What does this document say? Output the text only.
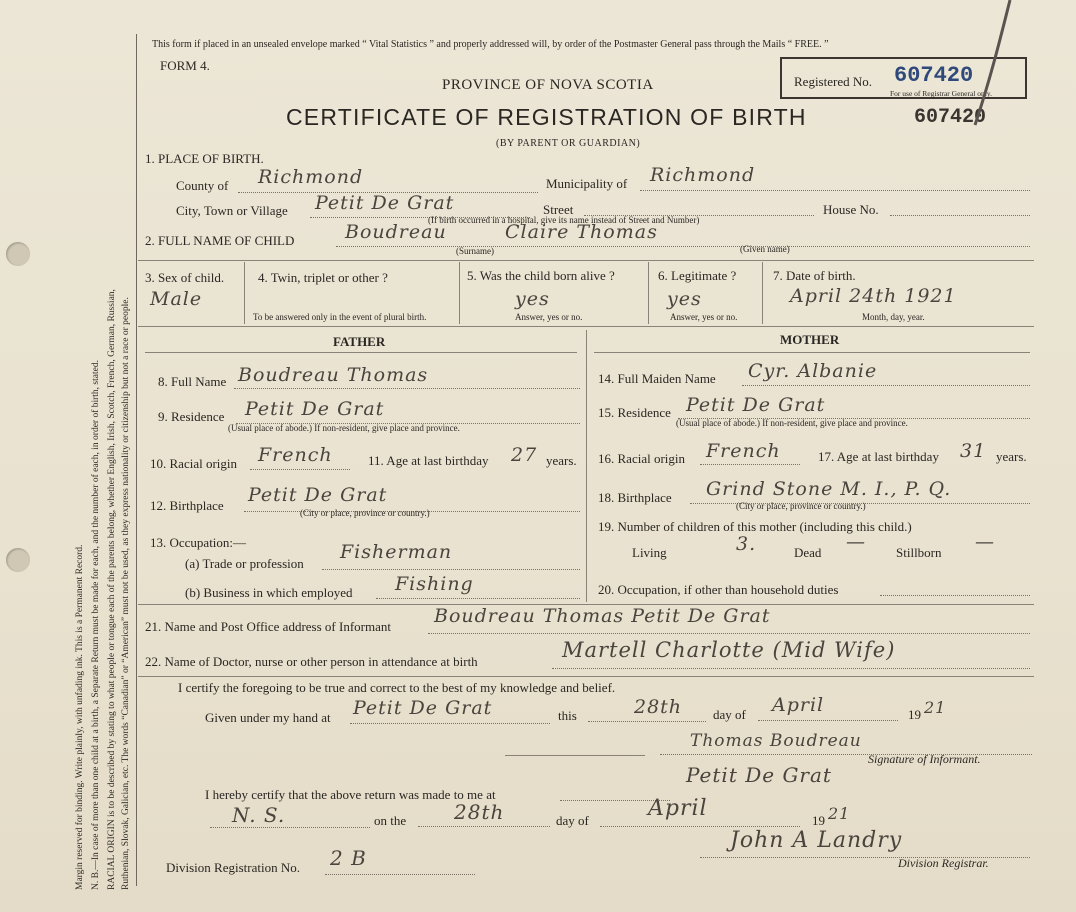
Margin reserved for binding. Write plainly, with unfading ink. This is a Permanent Record. N. B.—In case of more than one child at a birth, a Separate Return must be made for each, and the number of each, in order of birth, stated. RACIAL ORIGIN is to be described by stating to what people or tongue each of the parents belong, whether English, Irish, Scotch, French, German, Russian, Ruthenian, Slovak, Galician, etc. The words “Canadian” or “American” must not be used, as they express nationality or citizenship but not a race or people.
This form if placed in an unsealed envelope marked “ Vital Statistics ” and properly addressed will, by order of the Postmaster General pass through the Mails “ FREE. ”
FORM 4.
PROVINCE OF NOVA SCOTIA
CERTIFICATE OF REGISTRATION OF BIRTH
(BY PARENT OR GUARDIAN)
Registered No. 607420
For use of Registrar General only.
607420
1. PLACE OF BIRTH.
County of Richmond	Municipality of Richmond
City, Town or Village Petit De Grat	Street	House No.
(If birth occurred in a hospital, give its name instead of Street and Number)
2. FULL NAME OF CHILD	Boudreau	Claire Thomas
(Surname)	(Given name)
3. Sex of child.
Male
4. Twin, triplet or other ?
To be answered only in the event of plural birth.
5. Was the child born alive ?
yes
Answer, yes or no.
6. Legitimate ?
yes
Answer, yes or no.
7. Date of birth.
April 24th 1921
Month, day, year.
FATHER	MOTHER
8. Full Name Boudreau Thomas
9. Residence Petit De Grat
(Usual place of abode.) If non-resident, give place and province.
10. Racial origin French	11. Age at last birthday 27 years.
12. Birthplace Petit De Grat
(City or place, province or country.)
13. Occupation:—
(a) Trade or profession
Fisherman
(b) Business in which employed Fishing
14. Full Maiden Name Cyr. Albanie
15. Residence Petit De Grat
(Usual place of abode.) If non-resident, give place and province.
16. Racial origin French	17. Age at last birthday 31 years.
18. Birthplace Grind Stone M. I., P. Q.
(City or place, province or country.)
19. Number of children of this mother (including this child.)
Living	3.	Dead — Stillborn —
20. Occupation, if other than household duties
21. Name and Post Office address of Informant Boudreau Thomas Petit De Grat
22. Name of Doctor, nurse or other person in attendance at birth	Martell Charlotte (Mid Wife)
I certify the foregoing to be true and correct to the best of my knowledge and belief.
Given under my hand at Petit De Grat	this	28th day of April	19 21
Thomas Boudreau
Signature of Informant.
Petit De Grat
I hereby certify that the above return was made to me at
N. S.	on the 28th	day of	April	19 21
John A Landry
Division Registrar.
Division Registration No. 2 B
